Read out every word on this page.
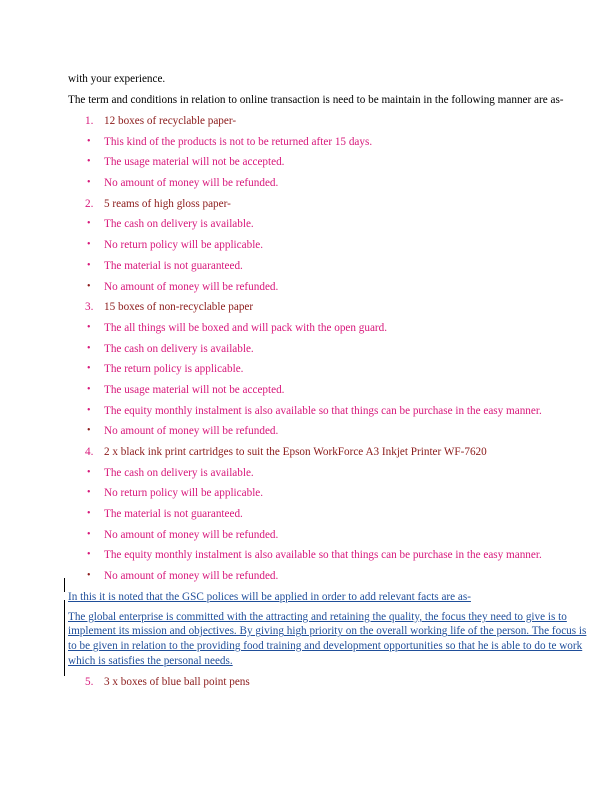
with your experience.

The term and conditions in relation to online transaction is need to be maintain in the following manner are as-

1. 12 boxes of recyclable paper-
•	This kind of the products is not to be returned after 15 days.
•	The usage material will not be accepted.
•	No amount of money will be refunded.
2. 5 reams of high gloss paper-
•	The cash on delivery is available.
•	No return policy will be applicable.
•	The material is not guaranteed.
•	No amount of money will be refunded.
3. 15 boxes of non-recyclable paper
•	The all things will be boxed and will pack with the open guard.
•	The cash on delivery is available.
•	The return policy is applicable.
•	The usage material will not be accepted.
•	The equity monthly instalment is also available so that things can be purchase in the easy manner.
•	No amount of money will be refunded.
4. 2 x black ink print cartridges to suit the Epson WorkForce A3 Inkjet Printer WF-7620
•	The cash on delivery is available.
•	No return policy will be applicable.
•	The material is not guaranteed.
•	No amount of money will be refunded.
•	The equity monthly instalment is also available so that things can be purchase in the easy manner.
•	No amount of money will be refunded.

In this it is noted that the GSC polices will be applied in order to add relevant facts are as-

The global enterprise is committed with the attracting and retaining the quality, the focus they need to give is to implement its mission and objectives. By giving high priority on the overall working life of the person. The focus is to be given in relation to the providing food training and development opportunities so that he is able to do te work which is satisfies the personal needs.

5. 3 x boxes of blue ball point pens
